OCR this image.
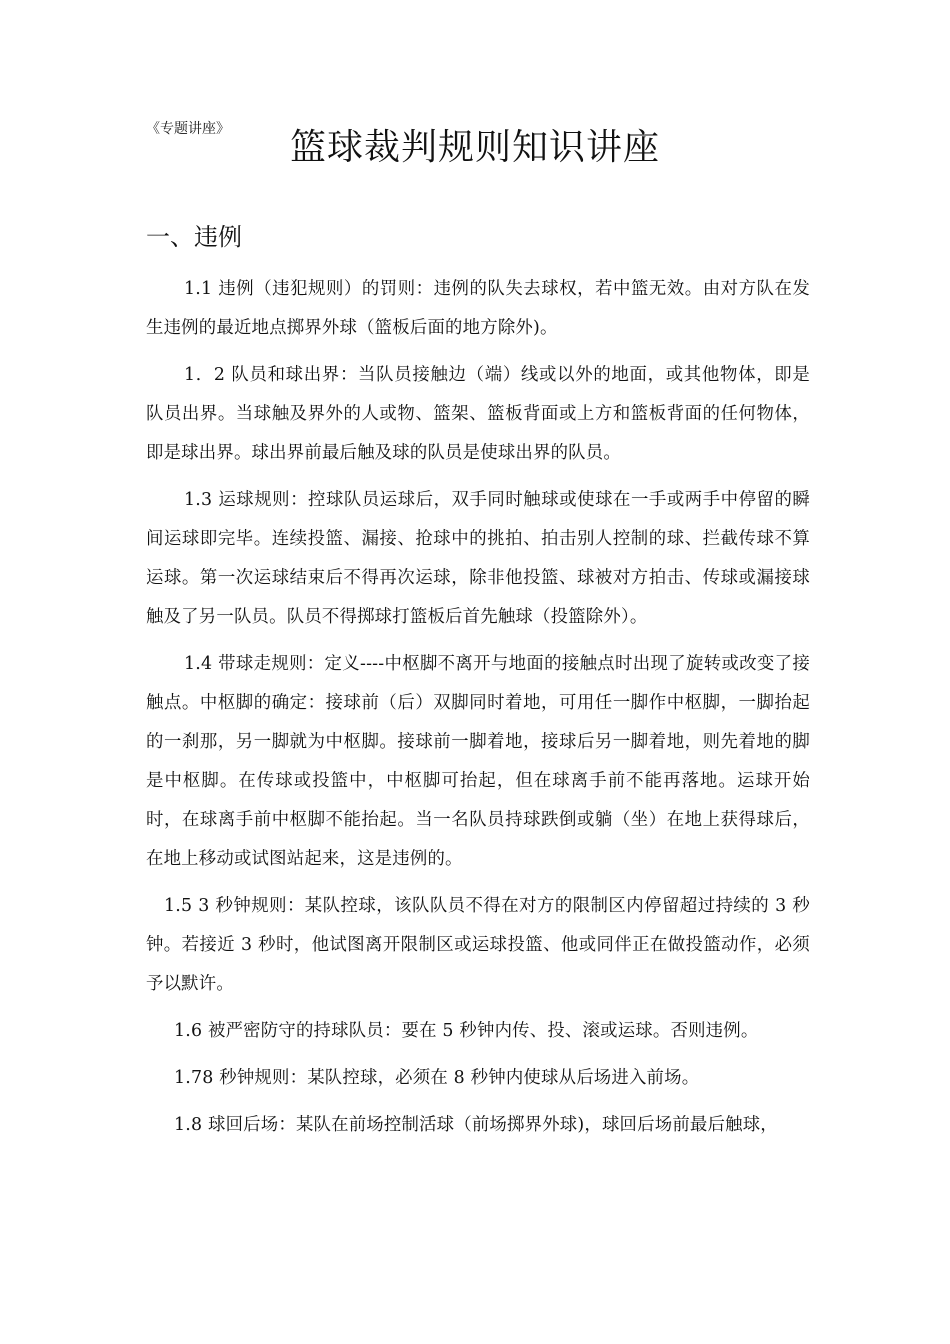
《专题讲座》	篮球裁判规则知识讲座
一、违例

1.1 违例（违犯规则）的罚则：违例的队失去球权，若中篮无效。由对方队在发生违例的最近地点掷界外球（篮板后面的地方除外)。

1．2 队员和球出界：当队员接触边（端）线或以外的地面，或其他物体，即是队员出界。当球触及界外的人或物、篮架、篮板背面或上方和篮板背面的任何物体，即是球出界。球出界前最后触及球的队员是使球出界的队员。

1.3 运球规则：控球队员运球后，双手同时触球或使球在一手或两手中停留的瞬间运球即完毕。连续投篮、漏接、抢球中的挑拍、拍击别人控制的球、拦截传球不算运球。第一次运球结束后不得再次运球，除非他投篮、球被对方拍击、传球或漏接球触及了另一队员。队员不得掷球打篮板后首先触球（投篮除外）。

1.4 带球走规则：定义----中枢脚不离开与地面的接触点时出现了旋转或改变了接触点。中枢脚的确定：接球前（后）双脚同时着地，可用任一脚作中枢脚，一脚抬起的一刹那，另一脚就为中枢脚。接球前一脚着地，接球后另一脚着地，则先着地的脚是中枢脚。在传球或投篮中，中枢脚可抬起，但在球离手前不能再落地。运球开始时，在球离手前中枢脚不能抬起。当一名队员持球跌倒或躺（坐）在地上获得球后，在地上移动或试图站起来，这是违例的。

1.5 3 秒钟规则：某队控球，该队队员不得在对方的限制区内停留超过持续的 3 秒钟。若接近 3 秒时，他试图离开限制区或运球投篮、他或同伴正在做投篮动作，必须予以默许。

1.6 被严密防守的持球队员：要在 5 秒钟内传、投、滚或运球。否则违例。

1.78 秒钟规则：某队控球，必须在 8 秒钟内使球从后场进入前场。

1.8 球回后场：某队在前场控制活球（前场掷界外球)，球回后场前最后触球，
